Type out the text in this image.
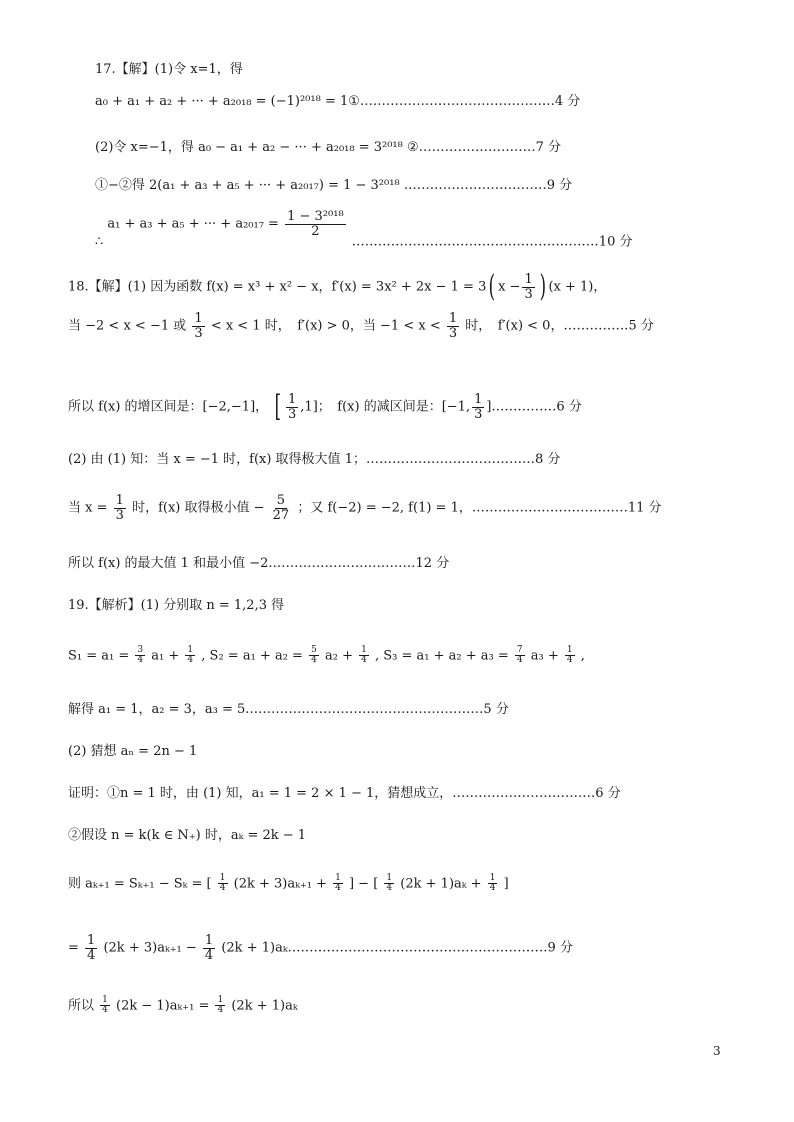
17.【解】(1)令 x=1，得
a₀ + a₁ + a₂ + ··· + a₂₀₁₈ = (−1)²⁰¹⁸ = 1①………………………………………4 分
(2)令 x=−1，得 a₀ − a₁ + a₂ − ··· + a₂₀₁₈ = 3²⁰¹⁸ ②………………………7 分
①−②得 2(a₁ + a₃ + a₅ + ··· + a₂₀₁₇) = 1 − 3²⁰¹⁸ ……………………………9 分
∴ a₁ + a₃ + a₅ + ··· + $a_{2017} = \frac{\text{1 − 3²⁰¹⁸}}{2}$
…………………………………………………10 分
18.【解】(1) 因为函数 f(x) = x³ + x² − x，f′(x) = 3x² + 2x − 1 = 3( $x - \frac{1}{3}$ ) (x + 1)，
当 −2 < x < −1 或 $\frac{1}{3} < x < 1$ 时，　f′(x) > 0，当 $-1 < x < \frac{1}{3}$ 时，　f′(x) < 0，……………5 分
所以 f(x) 的增区间是：[−2,−1]， [ $\frac{1}{3} ,1$]；　f(x) 的减区间是：[−1, $\frac{1}{3}$ ]……………6 分
(2) 由 (1) 知：当 x = −1 时，f(x) 取得极大值 1；…………………………………8 分
当 $x = \frac{1}{3}$ 时，f(x) 取得极小值 − $\frac{5}{27}$ ；又 f(−2) = −2, f(1) = 1，………………………………11 分
所以 f(x) 的最大值 1 和最小值 −2.……………………………12 分
19.【解析】(1) 分别取 n = 1,2,3 得
$S_1 = a_1 = \frac{3}{4} a_1 + \frac{1}{4}$ , $S_2 = a_1 + a_2 = \frac{5}{4} a_2 + \frac{1}{4}$ , $S_3 = a_1 + a_2 + a_3 = \frac{7}{4} a_3 + \frac{1}{4}$ ,
解得 a₁ = 1，a₂ = 3，a₃ = 5.………………………………………………5 分
(2) 猜想 aₙ = 2n − 1
证明：①n = 1 时，由 (1) 知，a₁ = 1 = 2 × 1 − 1，猜想成立，……………………………6 分
②假设 n = k(k ∈ N₊) 时，aₖ = 2k − 1
则 aₖ₊₁ = Sₖ₊₁ − Sₖ = [ $\frac{1}{4} (2k + 3)a_{k+1} + \frac{1}{4}$ ] − [ $\frac{1}{4} (2k + 1)a_k + \frac{1}{4}$ ]
= $\frac{1}{4} (2k + 3)a_{k+1} - \frac{1}{4} (2k$ + 1)aₖ……………………………………………………9 分
所以 $\frac{1}{4} (2k - 1)a_{k+1} = \frac{1}{4} (2k + 1)a_k$
3
